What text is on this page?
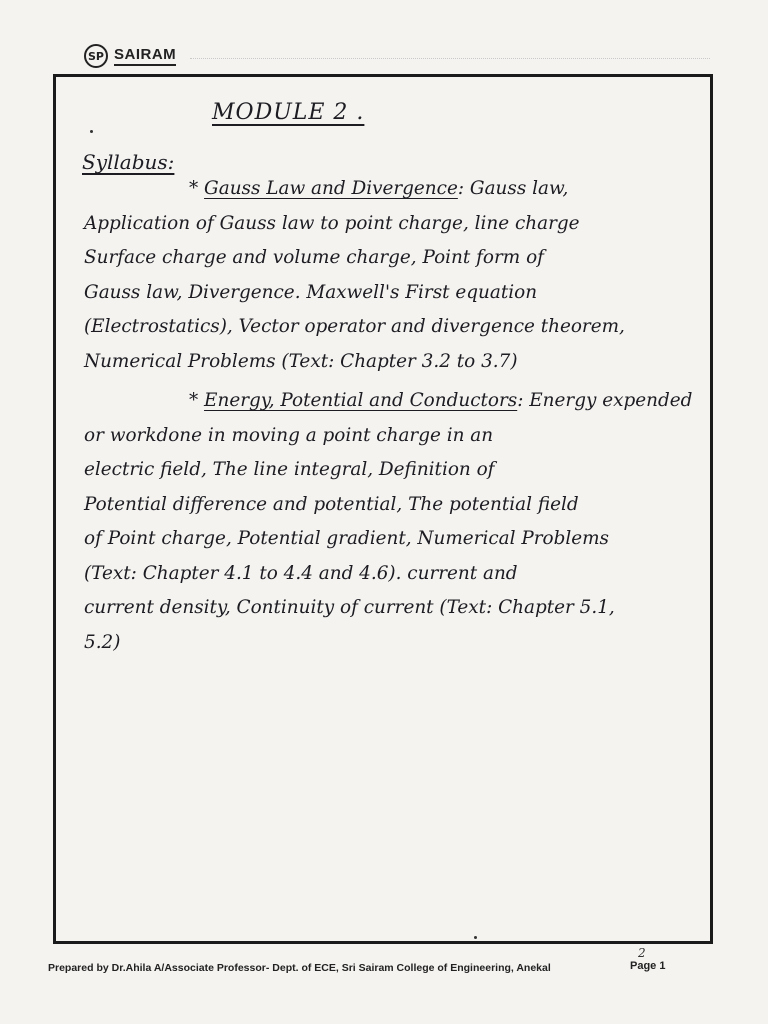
SP SAIRAM
MODULE 2 .
Syllabus:
* Gauss Law and Divergence: Gauss law,
Application of Gauss law to point charge, line charge
Surface charge and volume charge, Point form of
Gauss law, Divergence. Maxwell's First equation
(Electrostatics), Vector operator and divergence theorem,
Numerical Problems (Text: Chapter 3.2 to 3.7)
* Energy, Potential and Conductors: Energy expended
or workdone in moving a point charge in an
electric field, The line integral, Definition of
Potential difference and potential, The potential field
of Point charge, Potential gradient, Numerical Problems
(Text: Chapter 4.1 to 4.4 and 4.6). current and
current density, Continuity of current (Text: Chapter 5.1,
5.2)
2
Prepared by Dr.Ahila A/Associate Professor- Dept. of ECE, Sri Sairam College of Engineering, Anekal	Page 1
